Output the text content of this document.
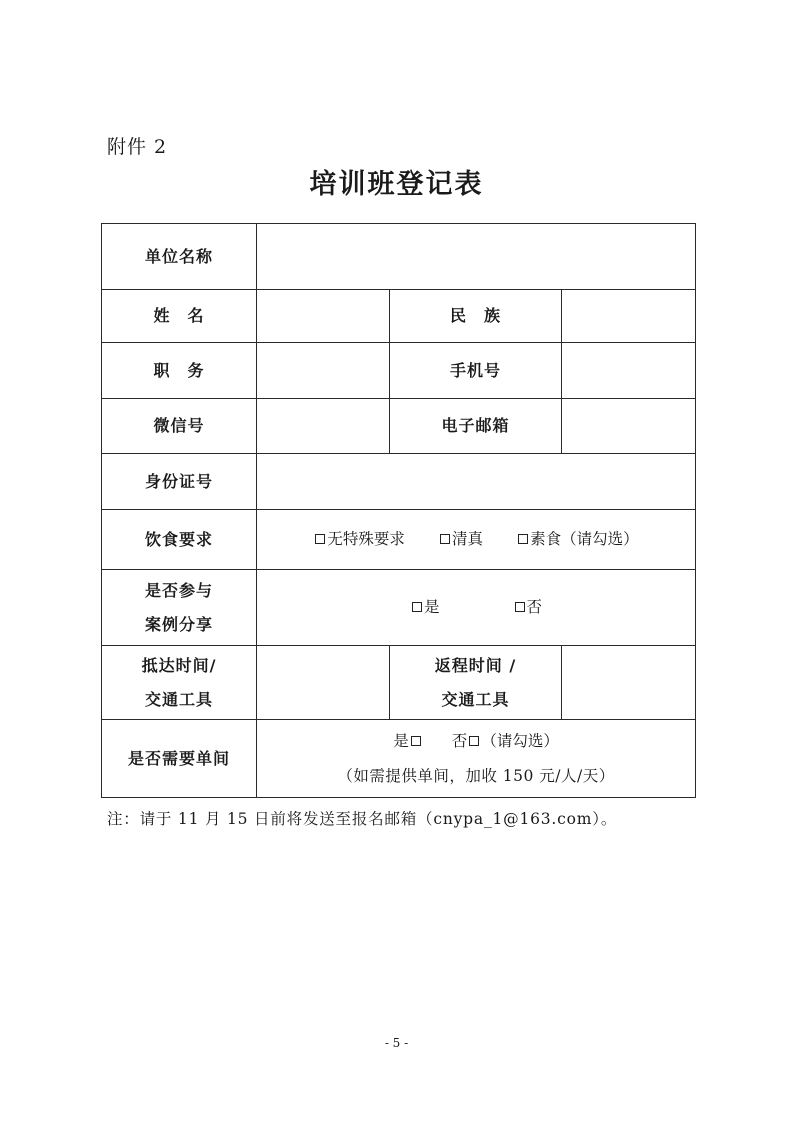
附件 2
培训班登记表
单位名称			
姓　名		民　族	
职　务		手机号	
微信号		电子邮箱	
身份证号			
饮食要求	无特殊要求 清真 素食（请勾选）		

是否参与
案例分享	是 否		

抵达时间/
交通工具		返程时间 /
交通工具	

是否需要单间	是 否 （请勾选）
（如需提供单间，加收 150 元/人/天）		
注：请于 11 月 15 日前将发送至报名邮箱（cnypa_1@163.com）。
- 5 -
